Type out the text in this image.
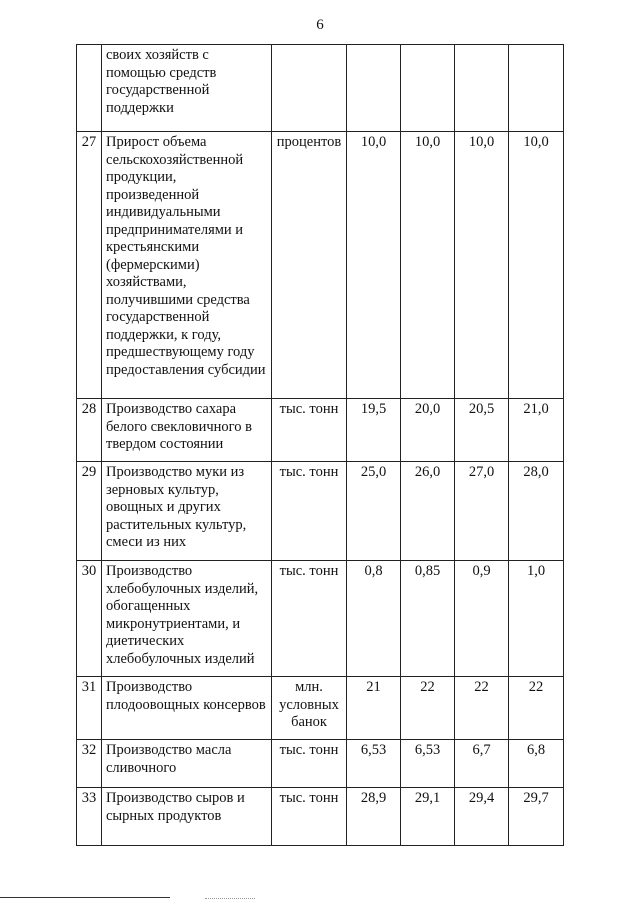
6
	своих хозяйств с помощью средств государственной поддержки					
27	Прирост объема сельскохозяйственной продукции, произведенной индивидуальными предпринимателями и крестьянскими (фермерскими) хозяйствами, получившими средства государственной поддержки, к году, предшествующему году предоставления субсидии	процентов	10,0	10,0	10,0	10,0
28	Производство сахара белого свекловичного в твердом состоянии	тыс. тонн	19,5	20,0	20,5	21,0
29	Производство муки из зерновых культур, овощных и других растительных культур, смеси из них	тыс. тонн	25,0	26,0	27,0	28,0
30	Производство хлебобулочных изделий, обогащенных микронутриентами, и диетических хлебобулочных изделий	тыс. тонн	0,8	0,85	0,9	1,0
31	Производство плодоовощных консервов	млн. условных банок	21	22	22	22
32	Производство масла сливочного	тыс. тонн	6,53	6,53	6,7	6,8
33	Производство сыров и сырных продуктов	тыс. тонн	28,9	29,1	29,4	29,7
